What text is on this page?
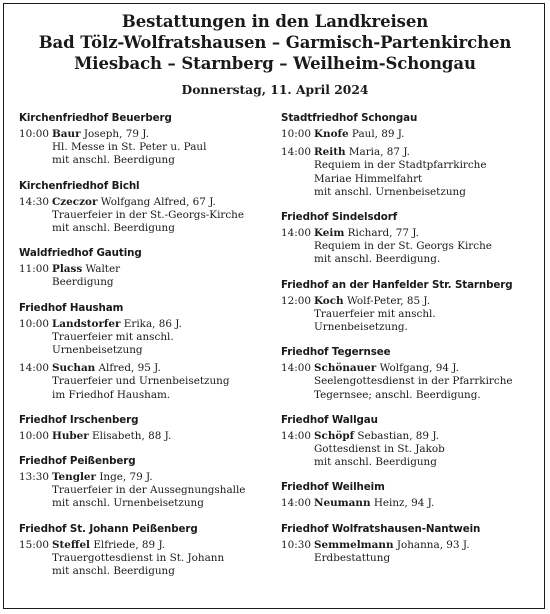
Bestattungen in den Landkreisen
Bad Tölz-Wolfratshausen – Garmisch-Partenkirchen
Miesbach – Starnberg – Weilheim-Schongau
Donnerstag, 11. April 2024
Kirchenfriedhof Beuerberg
10:00 Baur Joseph, 79 J.
Hl. Messe in St. Peter u. Paul
mit anschl. Beerdigung
Kirchenfriedhof Bichl
14:30 Czeczor Wolfgang Alfred, 67 J.
Trauerfeier in der St.-Georgs-Kirche
mit anschl. Beerdigung
Waldfriedhof Gauting
11:00 Plass Walter
Beerdigung
Friedhof Hausham
10:00 Landstorfer Erika, 86 J.
Trauerfeier mit anschl.
Urnenbeisetzung
14:00 Suchan Alfred, 95 J.
Trauerfeier und Urnenbeisetzung
im Friedhof Hausham.
Friedhof Irschenberg
10:00 Huber Elisabeth, 88 J.
Friedhof Peißenberg
13:30 Tengler Inge, 79 J.
Trauerfeier in der Aussegnungshalle
mit anschl. Urnenbeisetzung
Friedhof St. Johann Peißenberg
15:00 Steffel Elfriede, 89 J.
Trauergottesdienst in St. Johann
mit anschl. Beerdigung
Stadtfriedhof Schongau
10:00 Knofe Paul, 89 J.
14:00 Reith Maria, 87 J.
Requiem in der Stadtpfarrkirche
Mariae Himmelfahrt
mit anschl. Urnenbeisetzung
Friedhof Sindelsdorf
14:00 Keim Richard, 77 J.
Requiem in der St. Georgs Kirche
mit anschl. Beerdigung.
Friedhof an der Hanfelder Str. Starnberg
12:00 Koch Wolf-Peter, 85 J.
Trauerfeier mit anschl.
Urnenbeisetzung.
Friedhof Tegernsee
14:00 Schönauer Wolfgang, 94 J.
Seelengottesdienst in der Pfarrkirche
Tegernsee; anschl. Beerdigung.
Friedhof Wallgau
14:00 Schöpf Sebastian, 89 J.
Gottesdienst in St. Jakob
mit anschl. Beerdigung
Friedhof Weilheim
14:00 Neumann Heinz, 94 J.
Friedhof Wolfratshausen-Nantwein
10:30 Semmelmann Johanna, 93 J.
Erdbestattung
